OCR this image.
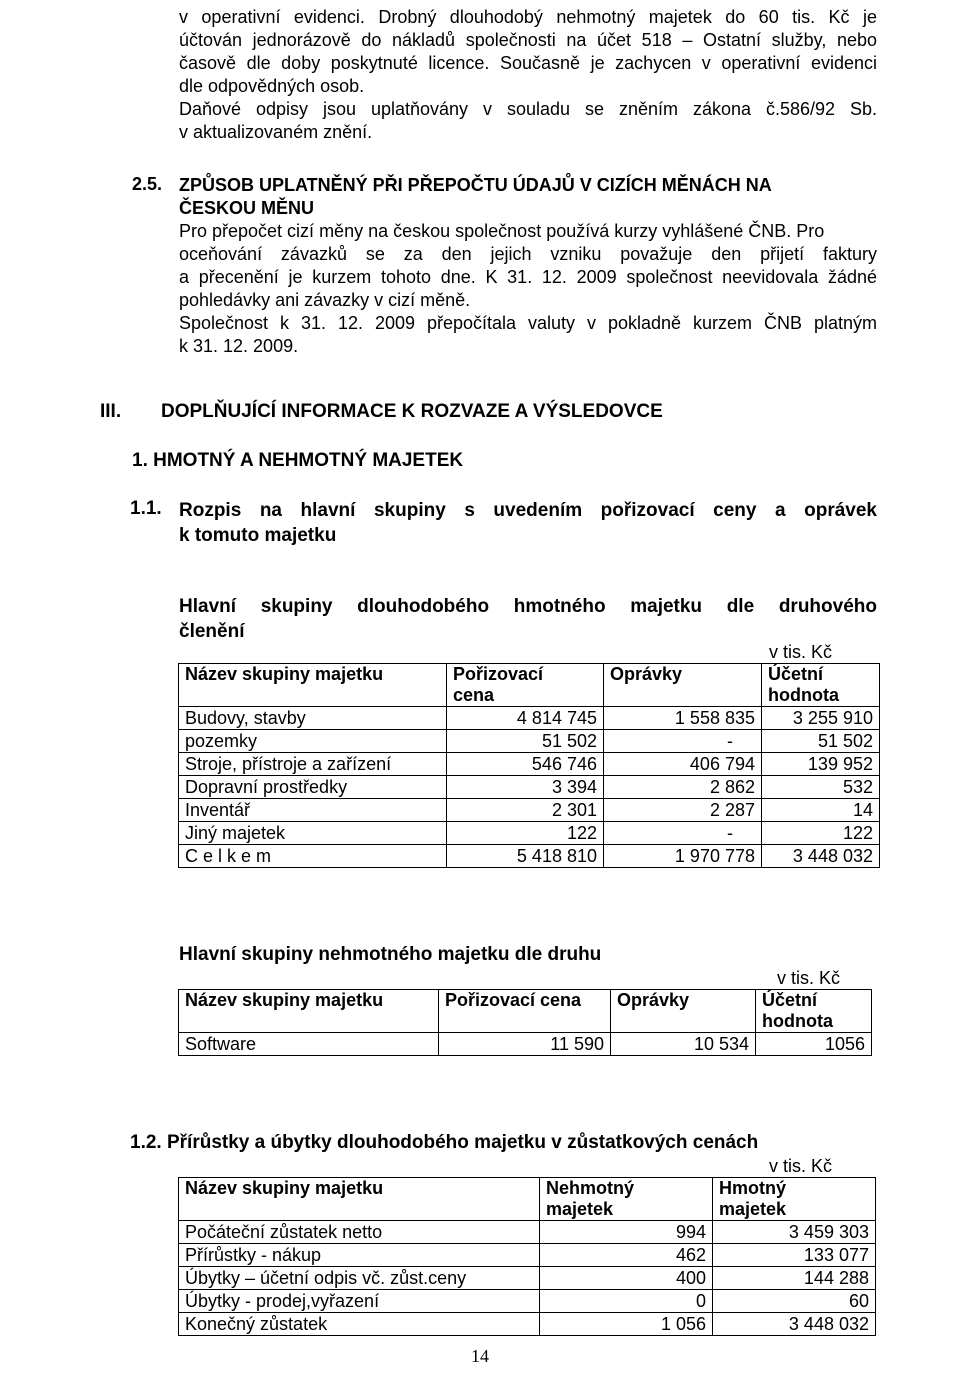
v operativní evidenci. Drobný dlouhodobý nehmotný majetek do 60 tis. Kč je

účtován jednorázově do nákladů společnosti na účet 518 – Ostatní služby, nebo

časově dle doby poskytnuté licence. Současně je zachycen v operativní evidenci

dle odpovědných osob.

Daňové odpisy jsou uplatňovány v souladu se zněním zákona č.586/92 Sb.

v aktualizovaném znění.

2.5. ZPŮSOB UPLATNĚNÝ PŘI PŘEPOČTU ÚDAJŮ V CIZÍCH MĚNÁCH NA
ČESKOU MĚNU

Pro přepočet cizí měny na českou společnost používá kurzy vyhlášené ČNB. Pro

oceňování závazků se za den jejich vzniku považuje den přijetí faktury

a přecenění je kurzem tohoto dne. K 31. 12. 2009 společnost neevidovala žádné

pohledávky ani závazky v cizí měně.

Společnost k 31. 12. 2009 přepočítala valuty v pokladně kurzem ČNB platným

k 31. 12. 2009.

III. DOPLŇUJÍCÍ INFORMACE K ROZVAZE A VÝSLEDOVCE
1. HMOTNÝ A NEHMOTNÝ MAJETEK
1.1. Rozpis na hlavní skupiny s uvedením pořizovací ceny a oprávek
k tomuto majetku
Hlavní skupiny dlouhodobého hmotného majetku dle druhového
členění
v tis. Kč
Název skupiny majetku	Pořizovací
cena	Oprávky	Účetní
hodnota
Budovy, stavby	4 814 745	1 558 835	3 255 910
pozemky	51 502	-	51 502
Stroje, přístroje a zařízení	546 746	406 794	139 952
Dopravní prostředky	3 394	2 862	532
Inventář	2 301	2 287	14
Jiný majetek	122	-	122
C e l k e m	5 418 810	1 970 778	3 448 032
Hlavní skupiny nehmotného majetku dle druhu
v tis. Kč
Název skupiny majetku	Pořizovací cena	Oprávky	Účetní
hodnota
Software	11 590	10 534	1056
1.2. Přírůstky a úbytky dlouhodobého majetku v zůstatkových cenách
v tis. Kč
Název skupiny majetku	Nehmotný
majetek	Hmotný
majetek
Počáteční zůstatek netto	994	3 459 303
Přírůstky - nákup	462	133 077
Úbytky – účetní odpis vč. zůst.ceny	400	144 288
Úbytky - prodej,vyřazení	0	60
Konečný zůstatek	1 056	3 448 032
14
